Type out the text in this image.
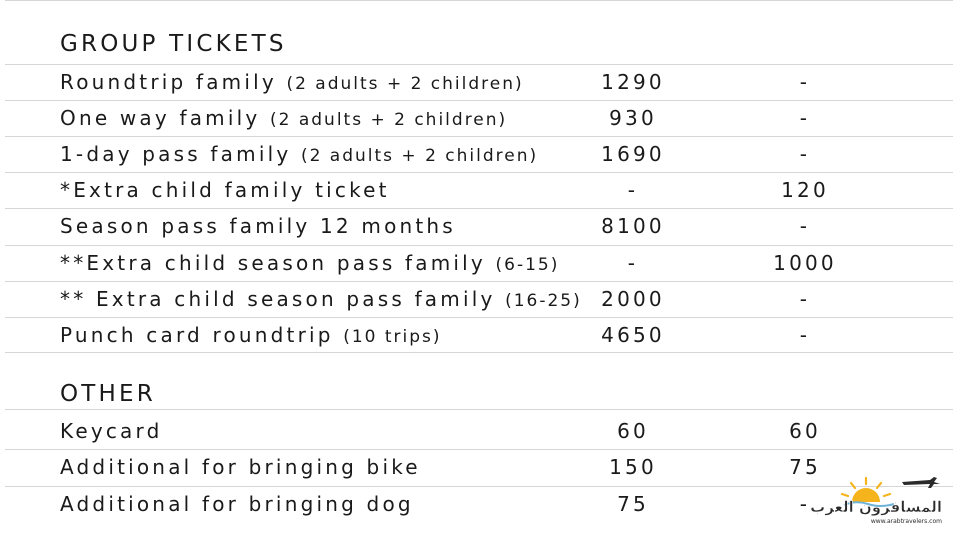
GROUP TICKETS
Roundtrip family (2 adults + 2 children)	1290	-
One way family (2 adults + 2 children)	930	-
1-day pass family (2 adults + 2 children)	1690	-
*Extra child family ticket	-	120
Season pass family 12 months	8100	-
**Extra child season pass family (6-15)	-	1000
** Extra child season pass family (16-25) 2000	-
Punch card roundtrip (10 trips)	4650	-
OTHER
Keycard	60	60
Additional for bringing bike	150	75
Additional for bringing dog	75	- المسافرون العرب
www.arabtravelers.com
